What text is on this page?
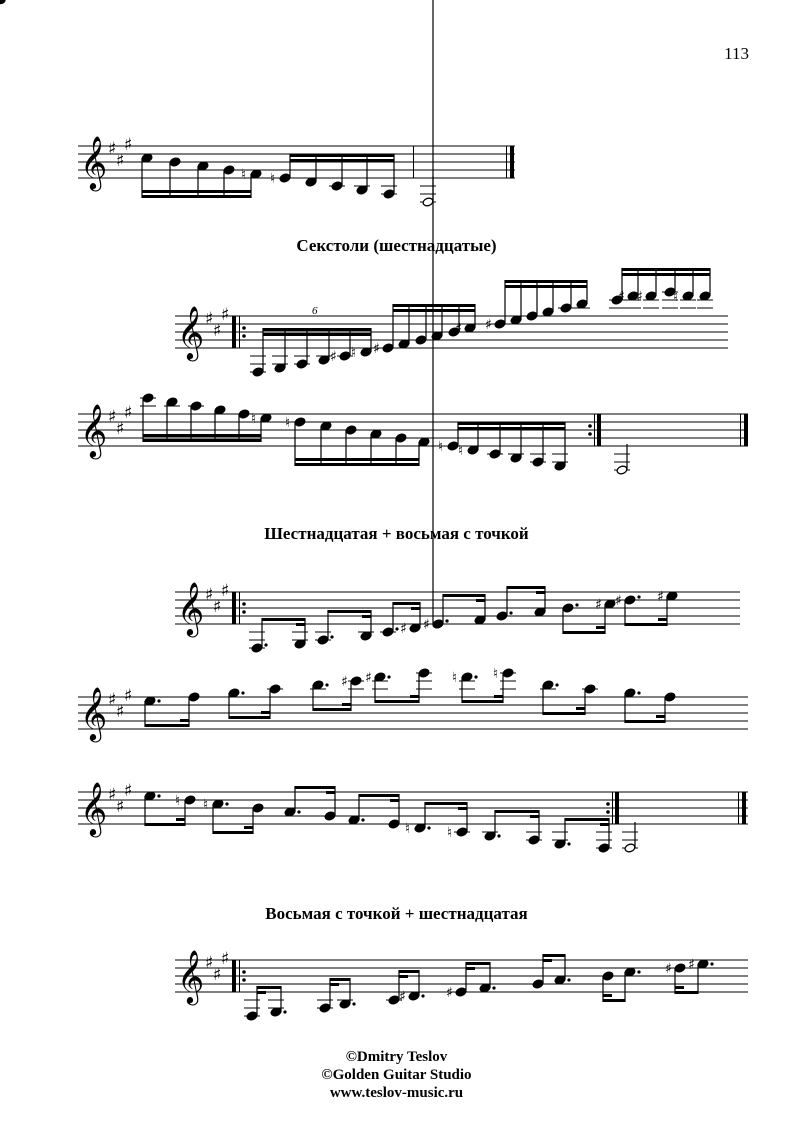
113
𝄞 ♯
♯
♯
♮ ♮
𝄞 ♯
♯
♯
♯ ♮
6
♯
♯ ♯
♯ ♯ ♮
𝄞 ♯
♯
♯	♮ ♮
♮ ♮
𝄞 ♯
♯
♯
♯ ♯
♯ ♯	♯
𝄞 ♯
♯
♯
♯ ♯	♮	♮
𝄞 ♯
♯
♯	♮ ♮
♮	♮
𝄞 ♯
♯
♯
♯	♯
♯ ♯
Секстоли (шестнадцатые)
Шестнадцатая + восьмая с точкой
Восьмая с точкой + шестнадцатая
©Dmitry Teslov
©Golden Guitar Studio
www.teslov-music.ru
